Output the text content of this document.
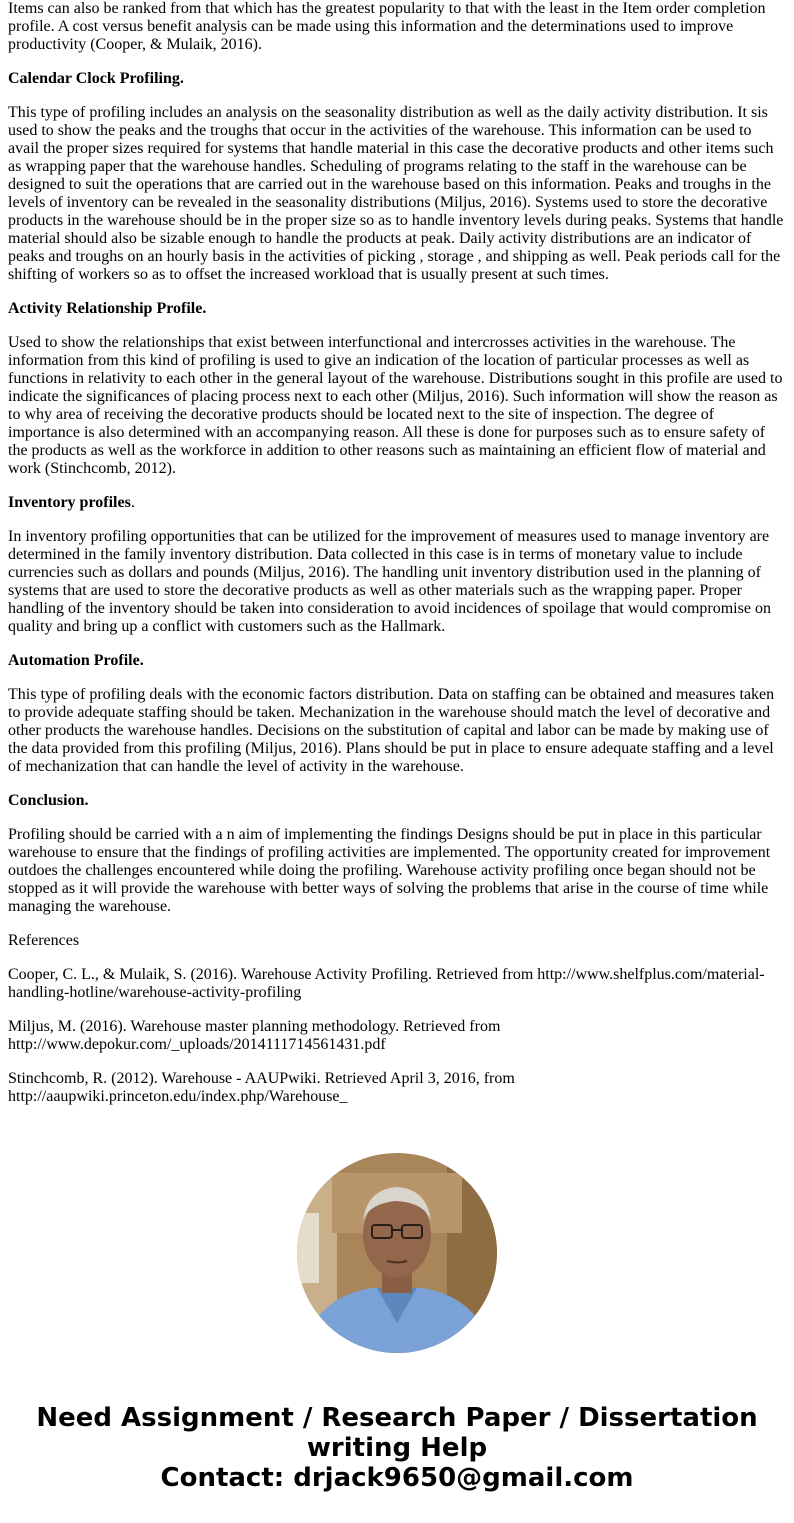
Items can also be ranked from that which has the greatest popularity to that with the least in the Item order completion profile. A cost versus benefit analysis can be made using this information and the determinations used to improve productivity (Cooper, & Mulaik, 2016).

Calendar Clock Profiling.

This type of profiling includes an analysis on the seasonality distribution as well as the daily activity distribution. It sis used to show the peaks and the troughs that occur in the activities of the warehouse. This information can be used to avail the proper sizes required for systems that handle material in this case the decorative products and other items such as wrapping paper that the warehouse handles. Scheduling of programs relating to the staff in the warehouse can be designed to suit the operations that are carried out in the warehouse based on this information. Peaks and troughs in the levels of inventory can be revealed in the seasonality distributions (Miljus, 2016). Systems used to store the decorative products in the warehouse should be in the proper size so as to handle inventory levels during peaks. Systems that handle material should also be sizable enough to handle the products at peak. Daily activity distributions are an indicator of peaks and troughs on an hourly basis in the activities of picking , storage , and shipping as well. Peak periods call for the shifting of workers so as to offset the increased workload that is usually present at such times.

Activity Relationship Profile.

Used to show the relationships that exist between interfunctional and intercrosses activities in the warehouse. The information from this kind of profiling is used to give an indication of the location of particular processes as well as functions in relativity to each other in the general layout of the warehouse. Distributions sought in this profile are used to indicate the significances of placing process next to each other (Miljus, 2016). Such information will show the reason as to why area of receiving the decorative products should be located next to the site of inspection. The degree of importance is also determined with an accompanying reason. All these is done for purposes such as to ensure safety of the products as well as the workforce in addition to other reasons such as maintaining an efficient flow of material and work (Stinchcomb, 2012).

Inventory profiles.

In inventory profiling opportunities that can be utilized for the improvement of measures used to manage inventory are determined in the family inventory distribution. Data collected in this case is in terms of monetary value to include currencies such as dollars and pounds (Miljus, 2016). The handling unit inventory distribution used in the planning of systems that are used to store the decorative products as well as other materials such as the wrapping paper. Proper handling of the inventory should be taken into consideration to avoid incidences of spoilage that would compromise on quality and bring up a conflict with customers such as the Hallmark.

Automation Profile.

This type of profiling deals with the economic factors distribution. Data on staffing can be obtained and measures taken to provide adequate staffing should be taken. Mechanization in the warehouse should match the level of decorative and other products the warehouse handles. Decisions on the substitution of capital and labor can be made by making use of the data provided from this profiling (Miljus, 2016). Plans should be put in place to ensure adequate staffing and a level of mechanization that can handle the level of activity in the warehouse.

Conclusion.

Profiling should be carried with a n aim of implementing the findings Designs should be put in place in this particular warehouse to ensure that the findings of profiling activities are implemented. The opportunity created for improvement outdoes the challenges encountered while doing the profiling. Warehouse activity profiling once began should not be stopped as it will provide the warehouse with better ways of solving the problems that arise in the course of time while managing the warehouse.

References

Cooper, C. L., & Mulaik, S. (2016). Warehouse Activity Profiling. Retrieved from http://www.shelfplus.com/material-handling-hotline/warehouse-activity-profiling

Miljus, M. (2016). Warehouse master planning methodology. Retrieved from http://www.depokur.com/_uploads/2014111714561431.pdf

Stinchcomb, R. (2012). Warehouse - AAUPwiki. Retrieved April 3, 2016, from http://aaupwiki.princeton.edu/index.php/Warehouse_

Need Assignment / Research Paper / Dissertation
writing Help
Contact: drjack9650@gmail.com
